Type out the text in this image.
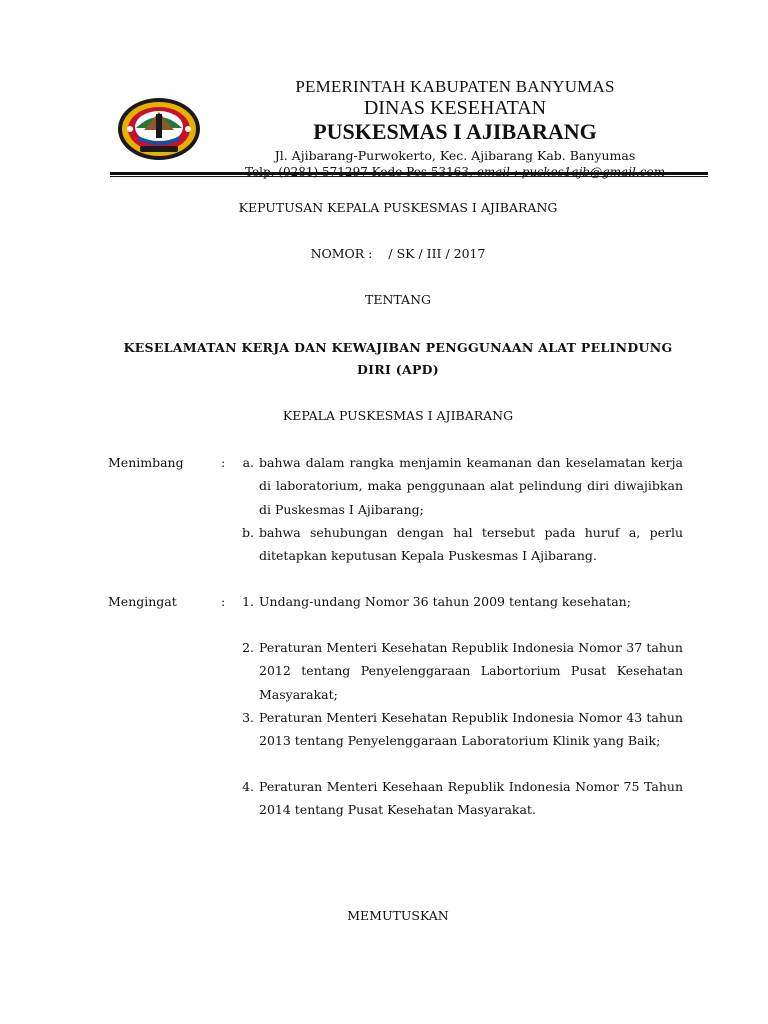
PEMERINTAH KABUPATEN BANYUMAS
DINAS KESEHATAN
PUSKESMAS I AJIBARANG
Jl. Ajibarang-Purwokerto, Kec. Ajibarang Kab. Banyumas
KEPUTUSAN KEPALA PUSKESMAS I AJIBARANG
NOMOR : / SK / III / 2017
TENTANG
KESELAMATAN KERJA DAN KEWAJIBAN PENGGUNAAN ALAT PELINDUNG
DIRI (APD)
KEPALA PUSKESMAS I AJIBARANG
Menimbang	:	a. bahwa dalam rangka menjamin keamanan dan keselamatan kerja di laboratorium, maka penggunaan alat pelindung diri diwajibkan di Puskesmas I Ajibarang;
b. bahwa sehubungan dengan hal tersebut pada huruf a, perlu ditetapkan keputusan Kepala Puskesmas I Ajibarang.
Mengingat	:	1. Undang-undang Nomor 36 tahun 2009 tentang kesehatan;
2. Peraturan Menteri Kesehatan Republik Indonesia Nomor 37 tahun 2012 tentang Penyelenggaraan Labortorium Pusat Kesehatan Masyarakat;
3. Peraturan Menteri Kesehatan Republik Indonesia Nomor 43 tahun 2013 tentang Penyelenggaraan Laboratorium Klinik yang Baik;
4. Peraturan Menteri Kesehaan Republik Indonesia Nomor 75 Tahun 2014 tentang Pusat Kesehatan Masyarakat.
MEMUTUSKAN
